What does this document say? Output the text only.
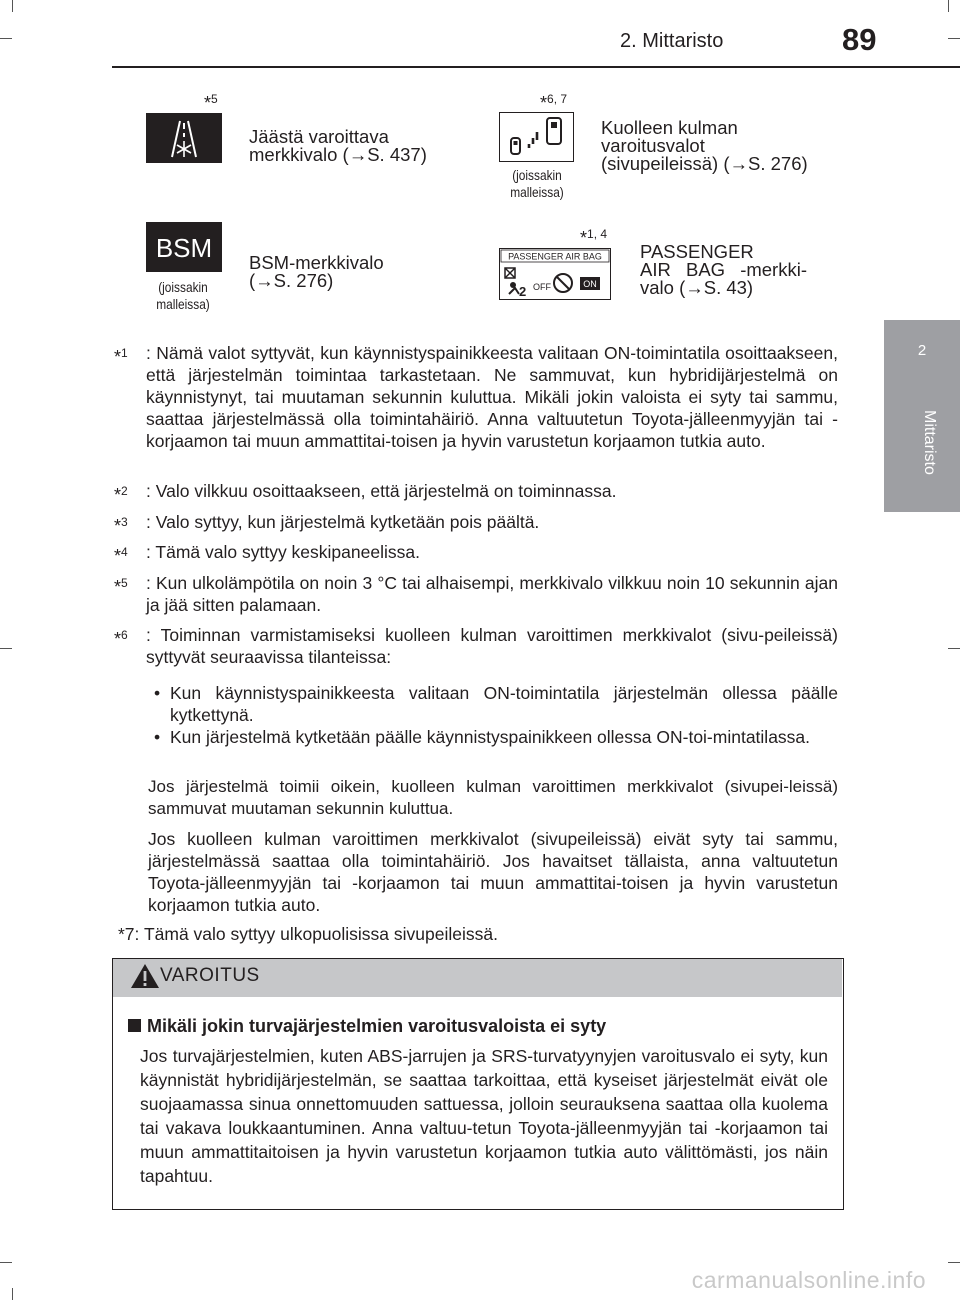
2. Mittaristo	89
2
Mittaristo
*$^5$
Jäästä varoittava
merkkivalo (→S. 437)
*$^{6, 7}$
(joissakin
malleissa)
Kuolleen kulman
varoitusvalot
(sivupeileissä) (→S. 276)
BSM
(joissakin
malleissa)
BSM-merkkivalo
(→S. 276)
*$^{1, 4}$
PASSENGER AIR BAG
2 OFF	ON
PASSENGER
AIR BAG -merkki-
valo (→S. 43)
*$^1$ : Nämä valot syttyvät, kun käynnistyspainikkeesta valitaan ON-toimintatila osoittaakseen, että järjestelmän toimintaa tarkastetaan. Ne sammuvat, kun hybridijärjestelmä on käynnistynyt, tai muutaman sekunnin kuluttua. Mikäli jokin valoista ei syty tai sammu, saattaa järjestelmässä olla toimintahäiriö. Anna valtuutetun Toyota-jälleenmyyjän tai -korjaamon tai muun ammattitai-toisen ja hyvin varustetun korjaamon tutkia auto.
*$^2$ : Valo vilkkuu osoittaakseen, että järjestelmä on toiminnassa.
*$^3$ : Valo syttyy, kun järjestelmä kytketään pois päältä.
*$^4$ : Tämä valo syttyy keskipaneelissa.
*$^5$ : Kun ulkolämpötila on noin 3 °C tai alhaisempi, merkkivalo vilkkuu noin 10 sekunnin ajan ja jää sitten palamaan.
*$^6$ : Toiminnan varmistamiseksi kuolleen kulman varoittimen merkkivalot (sivu-peileissä) syttyvät seuraavissa tilanteissa:
• Kun käynnistyspainikkeesta valitaan ON-toimintatila järjestelmän ollessa päälle kytkettynä.
• Kun järjestelmä kytketään päälle käynnistyspainikkeen ollessa ON-toi-mintatilassa.
Jos järjestelmä toimii oikein, kuolleen kulman varoittimen merkkivalot (sivupei-leissä) sammuvat muutaman sekunnin kuluttua.
Jos kuolleen kulman varoittimen merkkivalot (sivupeileissä) eivät syty tai sammu, järjestelmässä saattaa olla toimintahäiriö. Jos havaitset tällaista, anna valtuutetun Toyota-jälleenmyyjän tai -korjaamon tai muun ammattitai-toisen ja hyvin varustetun korjaamon tutkia auto.
*7: Tämä valo syttyy ulkopuolisissa sivupeileissä.
VAROITUS
Mikäli jokin turvajärjestelmien varoitusvaloista ei syty
Jos turvajärjestelmien, kuten ABS-jarrujen ja SRS-turvatyynyjen varoitusvalo ei syty, kun käynnistät hybridijärjestelmän, se saattaa tarkoittaa, että kyseiset järjestelmät eivät ole suojaamassa sinua onnettomuuden sattuessa, jolloin seurauksena saattaa olla kuolema tai vakava loukkaantuminen. Anna valtuu-tetun Toyota-jälleenmyyjän tai -korjaamon tai muun ammattitaitoisen ja hyvin varustetun korjaamon tutkia auto välittömästi, jos näin tapahtuu.
carmanualsonline.info
